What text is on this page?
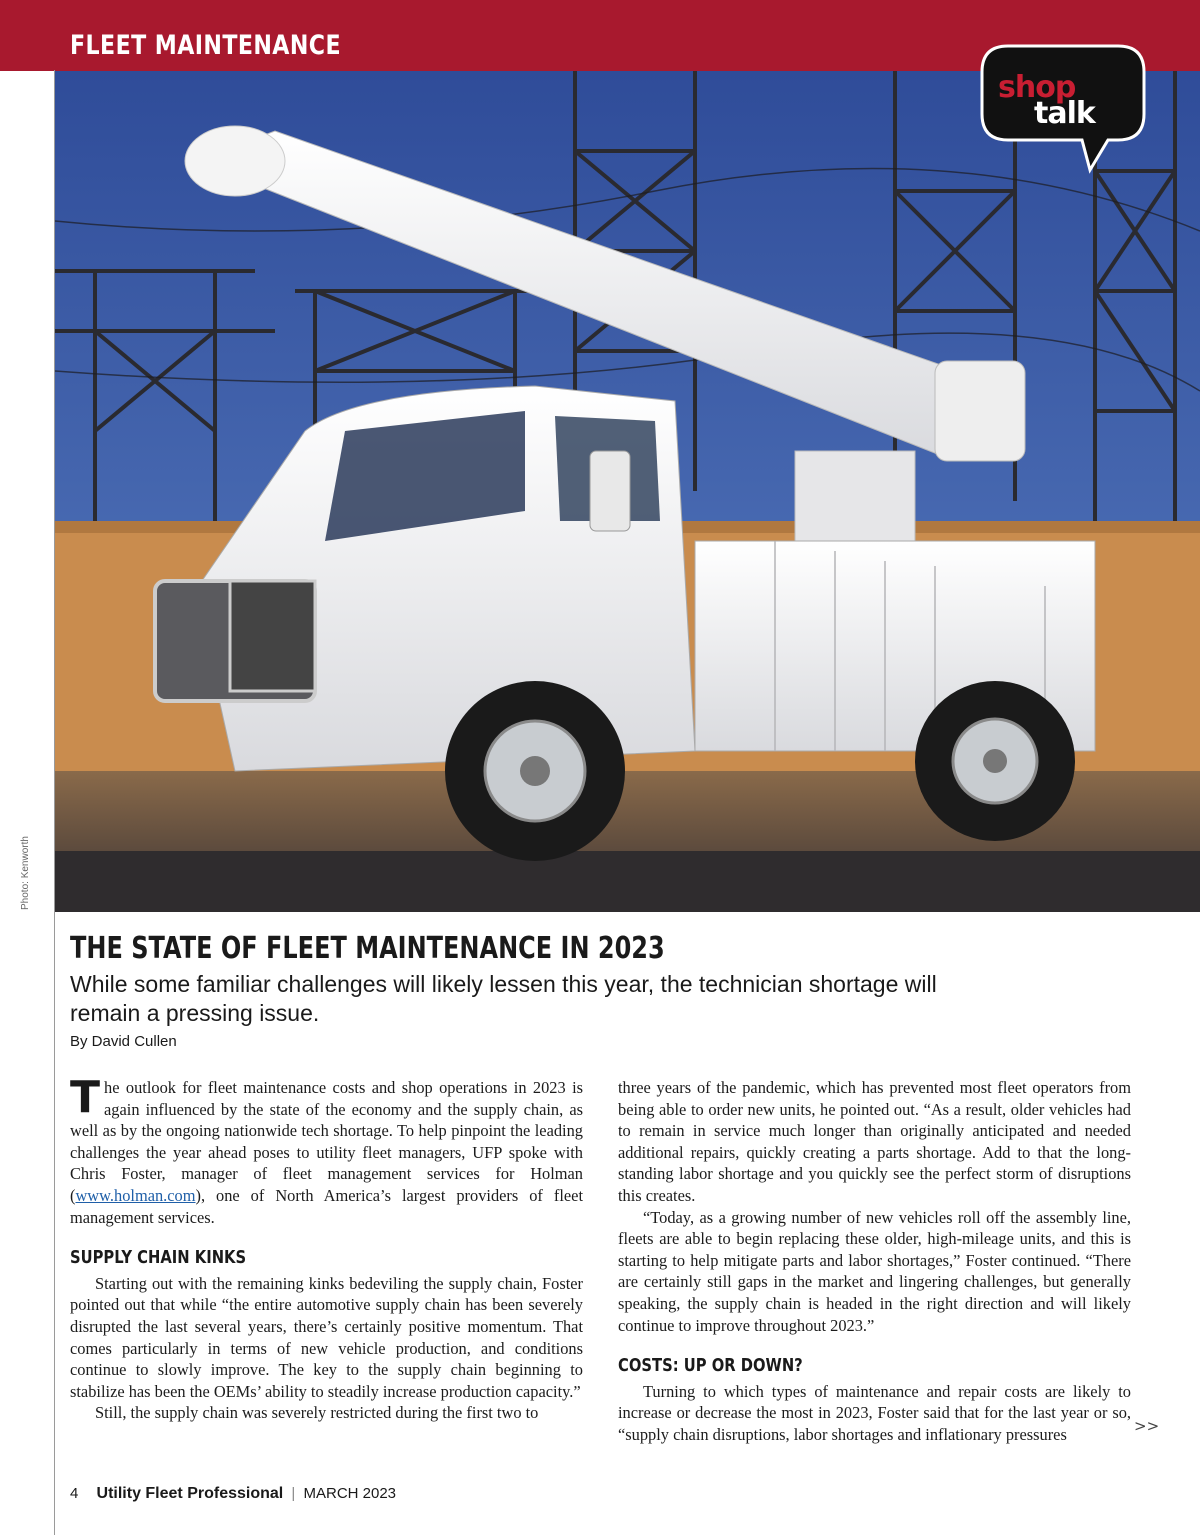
FLEET MAINTENANCE
Photo: Kenworth
shop
talk
THE STATE OF FLEET MAINTENANCE IN 2023
While some familiar challenges will likely lessen this year, the technician shortage will remain a pressing issue.
By David Cullen

The outlook for fleet maintenance costs and shop operations in 2023 is again influenced by the state of the economy and the supply chain, as well as by the ongoing nationwide tech shortage. To help pinpoint the leading challenges the year ahead poses to utility fleet managers, UFP spoke with Chris Foster, manager of fleet management services for Holman (www.holman.com), one of North America’s largest providers of fleet management services.

SUPPLY CHAIN KINKS

Starting out with the remaining kinks bedeviling the supply chain, Foster pointed out that while “the entire automotive supply chain has been severely disrupted the last several years, there’s certainly positive momentum. That comes particularly in terms of new vehicle production, and conditions continue to slowly improve. The key to the supply chain beginning to stabilize has been the OEMs’ ability to steadily increase production capacity.”

Still, the supply chain was severely restricted during the first two to

three years of the pandemic, which has prevented most fleet operators from being able to order new units, he pointed out. “As a result, older vehicles had to remain in service much longer than originally anticipated and needed additional repairs, quickly creating a parts shortage. Add to that the long-standing labor shortage and you quickly see the perfect storm of disruptions this creates.

“Today, as a growing number of new vehicles roll off the assembly line, fleets are able to begin replacing these older, high-mileage units, and this is starting to help mitigate parts and labor shortages,” Foster continued. “There are certainly still gaps in the market and lingering challenges, but generally speaking, the supply chain is headed in the right direction and will likely continue to improve throughout 2023.”

COSTS: UP OR DOWN?

Turning to which types of maintenance and repair costs are likely to increase or decrease the most in 2023, Foster said that for the last year or so, “supply chain disruptions, labor shortages and inflationary pressures	>>
4 Utility Fleet Professional | MARCH 2023
